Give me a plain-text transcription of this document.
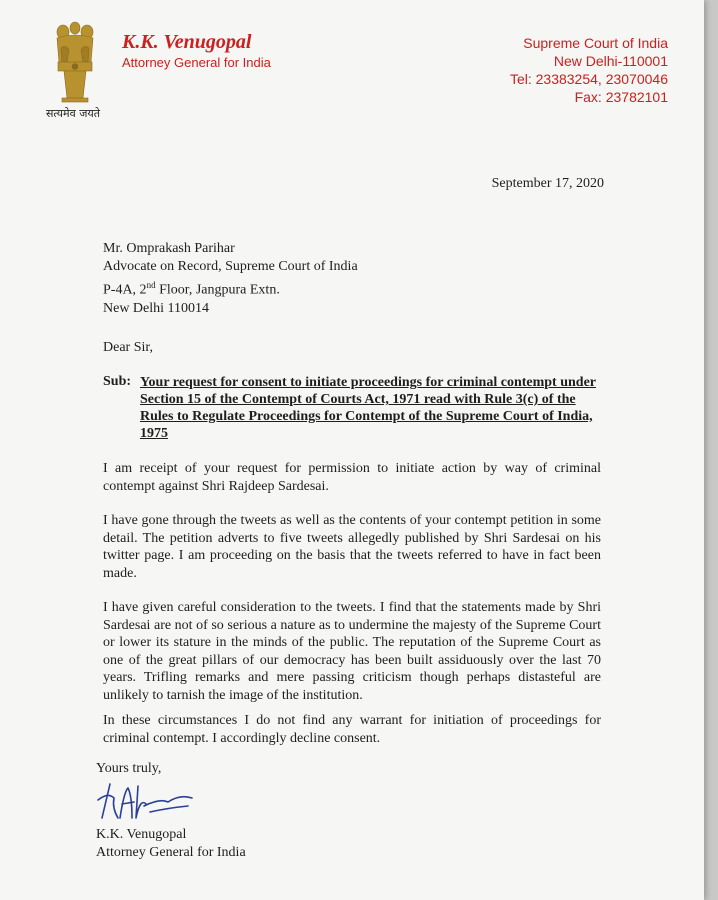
सत्यमेव जयते
K.K. Venugopal
Attorney General for India
Supreme Court of India
New Delhi-110001
Tel: 23383254, 23070046
Fax: 23782101
September 17, 2020
Mr. Omprakash Parihar
Advocate on Record, Supreme Court of India
P-4A, 2nd Floor, Jangpura Extn.
New Delhi 110014
Dear Sir,
Sub: Your request for consent to initiate proceedings for criminal contempt under Section 15 of the Contempt of Courts Act, 1971 read with Rule 3(c) of the Rules to Regulate Proceedings for Contempt of the Supreme Court of India, 1975

I am receipt of your request for permission to initiate action by way of criminal contempt against Shri Rajdeep Sardesai.

I have gone through the tweets as well as the contents of your contempt petition in some detail. The petition adverts to five tweets allegedly published by Shri Sardesai on his twitter page. I am proceeding on the basis that the tweets referred to have in fact been made.

I have given careful consideration to the tweets. I find that the statements made by Shri Sardesai are not of so serious a nature as to undermine the majesty of the Supreme Court or lower its stature in the minds of the public. The reputation of the Supreme Court as one of the great pillars of our democracy has been built assiduously over the last 70 years. Trifling remarks and mere passing criticism though perhaps distasteful are unlikely to tarnish the image of the institution.

In these circumstances I do not find any warrant for initiation of proceedings for criminal contempt. I accordingly decline consent.

Yours truly,
K.K. Venugopal
Attorney General for India
